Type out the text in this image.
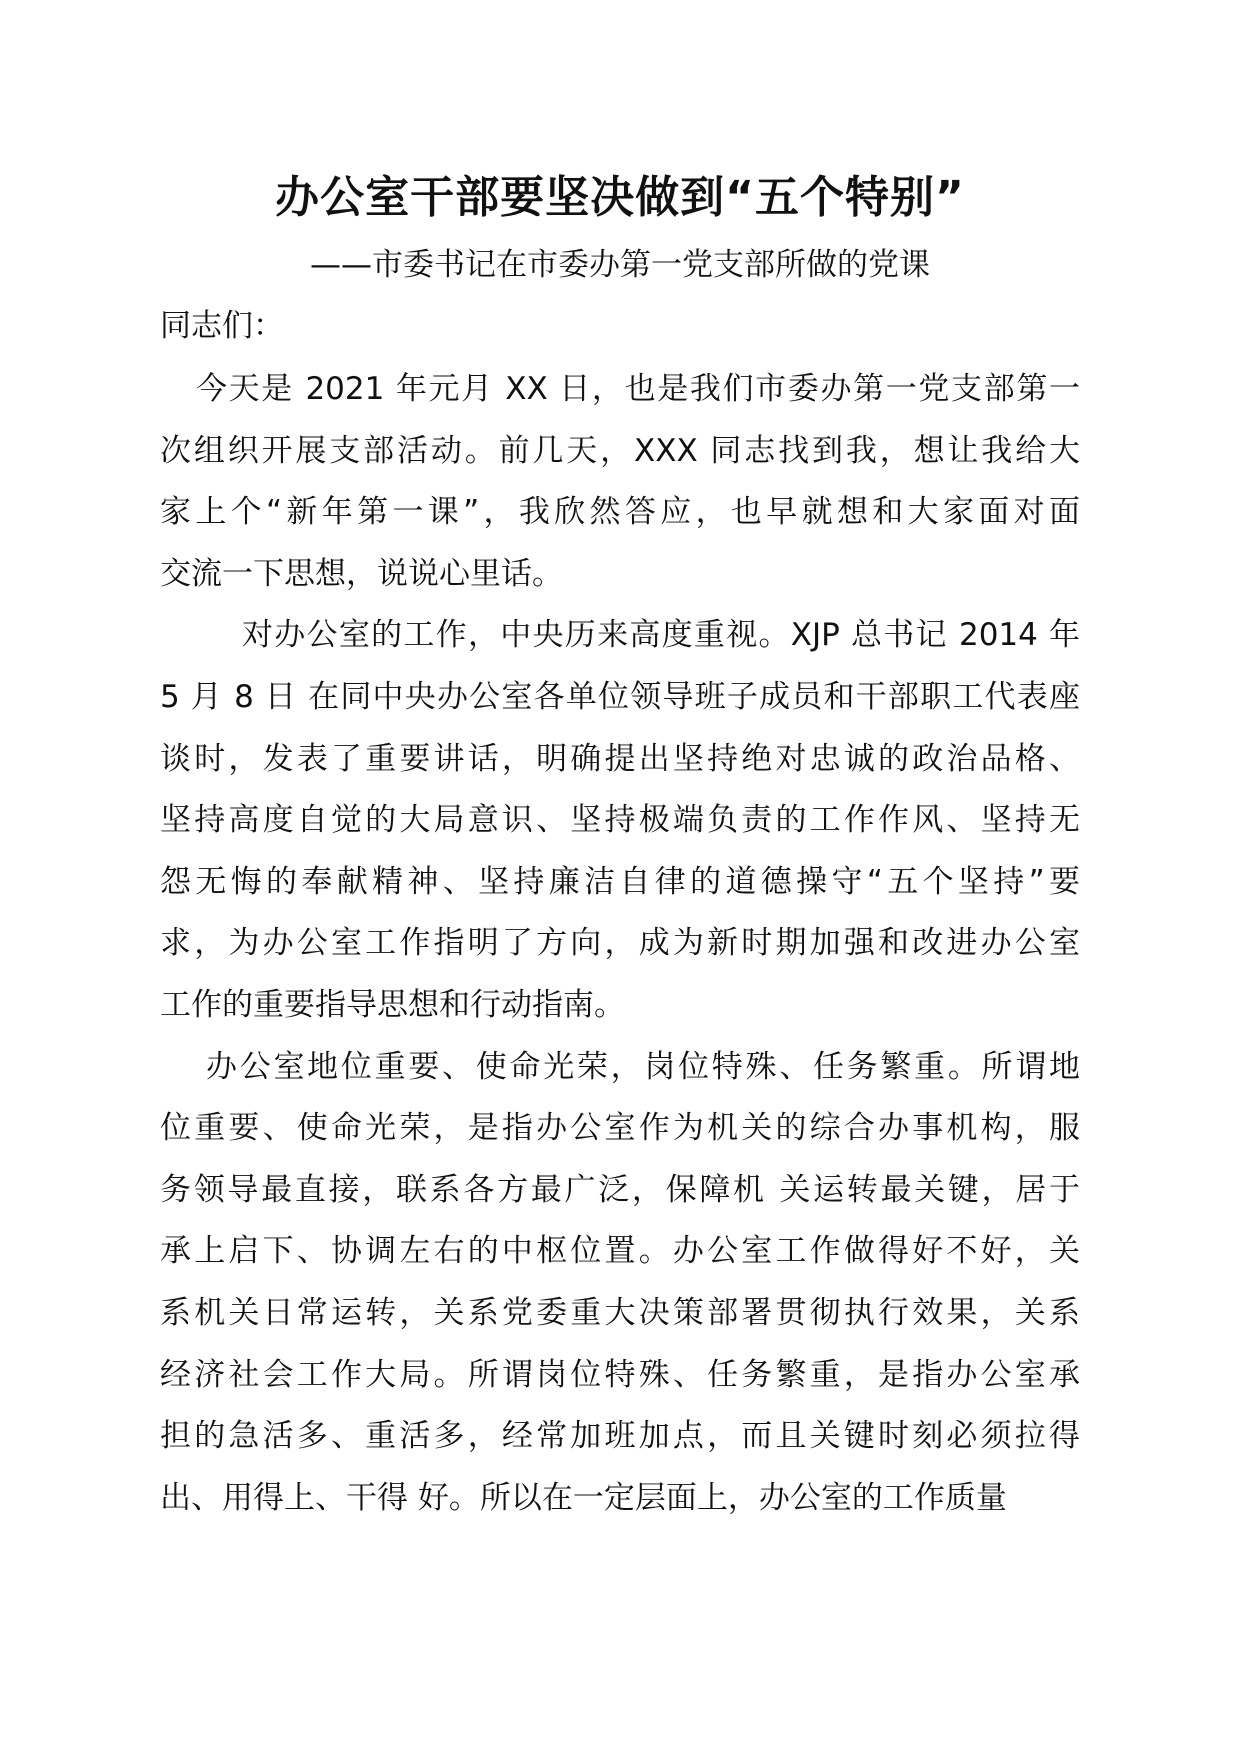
办公室干部要坚决做到“五个特别”
——市委书记在市委办第一党支部所做的党课
同志们：
今天是 2021 年元月 XX 日，也是我们市委办第一党支部第一
次组织开展支部活动。前几天，XXX 同志找到我，想让我给大
家上个“新年第一课”，我欣然答应，也早就想和大家面对面
交流一下思想，说说心里话。
对办公室的工作，中央历来高度重视。XJP 总书记 2014 年
5 月 8 日 在同中央办公室各单位领导班子成员和干部职工代表座
谈时，发表了重要讲话，明确提出坚持绝对忠诚的政治品格、
坚持高度自觉的大局意识、坚持极端负责的工作作风、坚持无
怨无悔的奉献精神、坚持廉洁自律的道德操守“五个坚持”要
求，为办公室工作指明了方向，成为新时期加强和改进办公室
工作的重要指导思想和行动指南。
办公室地位重要、使命光荣，岗位特殊、任务繁重。所谓地
位重要、使命光荣，是指办公室作为机关的综合办事机构，服
务领导最直接，联系各方最广泛，保障机 关运转最关键，居于
承上启下、协调左右的中枢位置。办公室工作做得好不好，关
系机关日常运转，关系党委重大决策部署贯彻执行效果，关系
经济社会工作大局。所谓岗位特殊、任务繁重，是指办公室承
担的急活多、重活多，经常加班加点，而且关键时刻必须拉得
出、用得上、干得 好。所以在一定层面上，办公室的工作质量
